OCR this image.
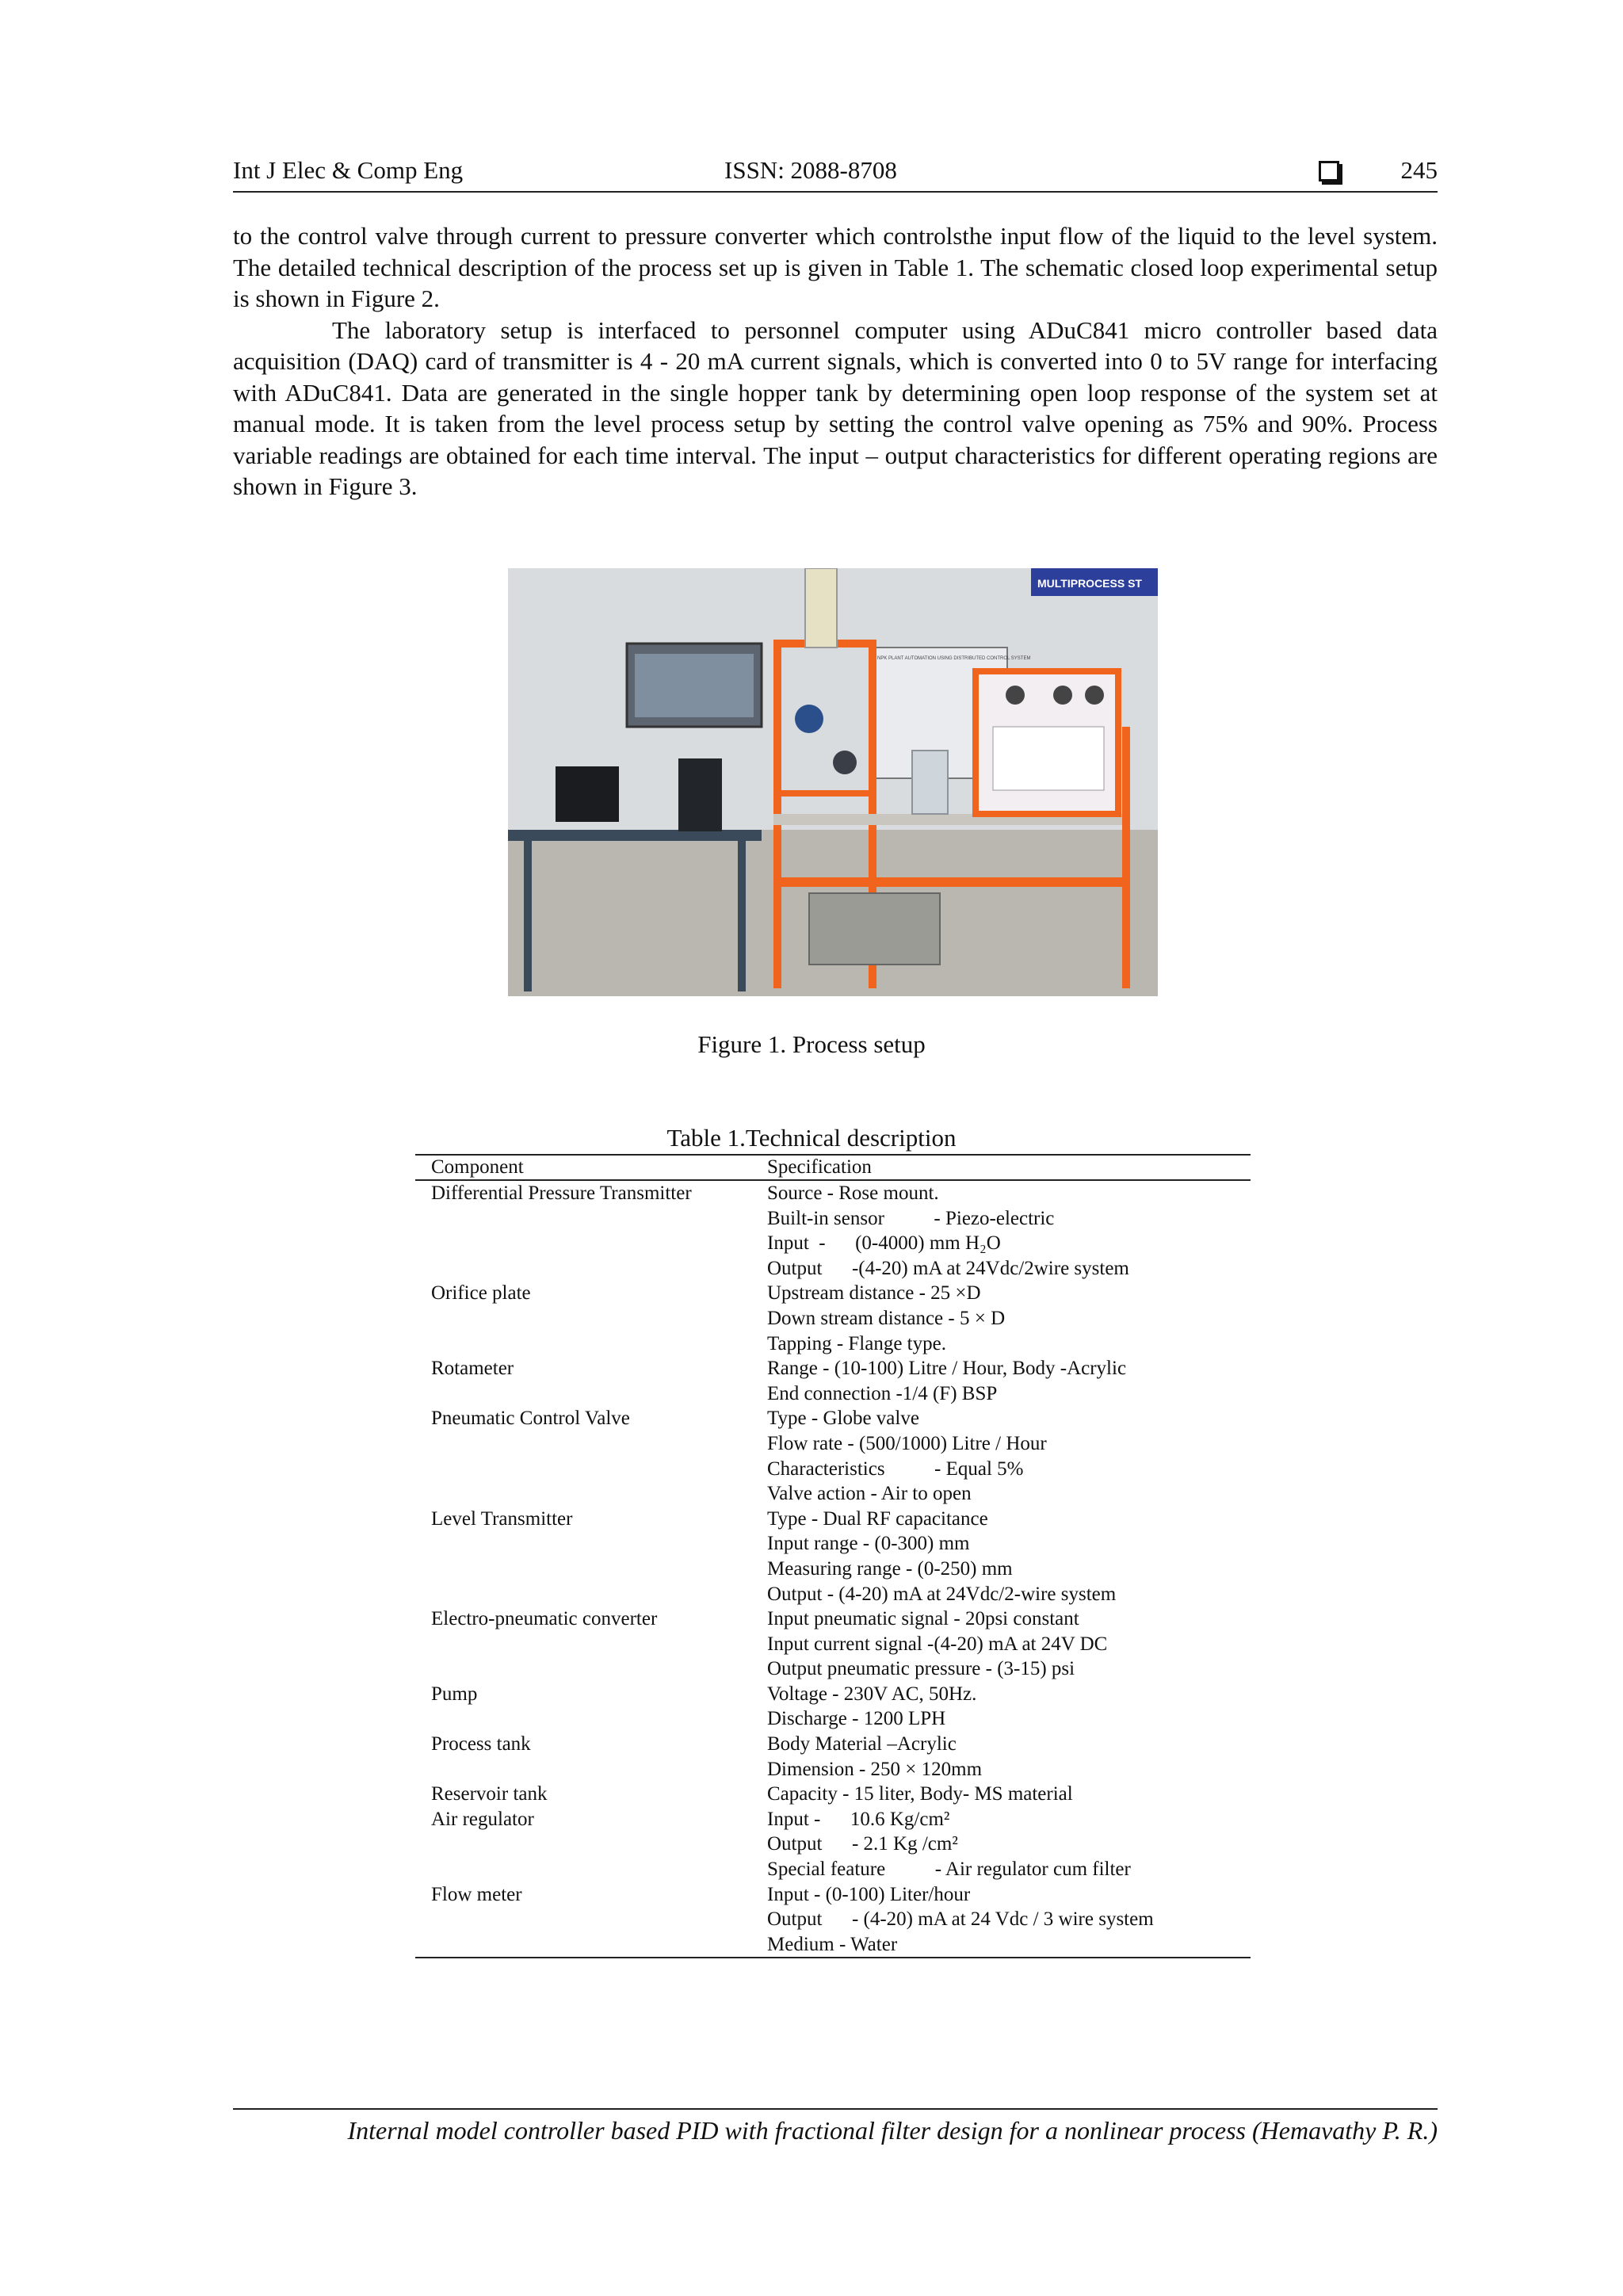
Int J Elec & Comp Eng	ISSN: 2088-8708	245

to the control valve through current to pressure converter which controlsthe input flow of the liquid to the level system. The detailed technical description of the process set up is given in Table 1. The schematic closed loop experimental setup is shown in Figure 2.

The laboratory setup is interfaced to personnel computer using ADuC841 micro controller based data acquisition (DAQ) card of transmitter is 4 - 20 mA current signals, which is converted into 0 to 5V range for interfacing with ADuC841. Data are generated in the single hopper tank by determining open loop response of the system set at manual mode. It is taken from the level process setup by setting the control valve opening as 75% and 90%. Process variable readings are obtained for each time interval. The input – output characteristics for different operating regions are shown in Figure 3.

MULTIPROCESS ST
NPK PLANT AUTOMATION USING DISTRIBUTED CONTROL SYSTEM
Figure 1. Process setup
Table 1.Technical description
Component	Specification
Differential Pressure Transmitter	Source - Rose mount.
Built-in sensor          - Piezo-electric
Input  -      (0-4000) mm H₂O
Output      -(4-20) mA at 24Vdc/2wire system
Orifice plate	Upstream distance - 25 ×D
Down stream distance - 5 × D
Tapping - Flange type.
Rotameter	Range - (10-100) Litre / Hour, Body -Acrylic
End connection -1/4 (F) BSP
Pneumatic Control Valve	Type - Globe valve
Flow rate - (500/1000) Litre / Hour
Characteristics          - Equal 5%
Valve action - Air to open
Level Transmitter	Type - Dual RF capacitance
Input range - (0-300) mm
Measuring range - (0-250) mm
Output - (4-20) mA at 24Vdc/2-wire system
Electro-pneumatic converter	Input pneumatic signal - 20psi constant
Input current signal -(4-20) mA at 24V DC
Output pneumatic pressure - (3-15) psi
Pump	Voltage - 230V AC, 50Hz.
Discharge - 1200 LPH
Process tank	Body Material –Acrylic
Dimension - 250 × 120mm
Reservoir tank	Capacity - 15 liter, Body- MS material
Air regulator	Input -      10.6 Kg/cm²
Output      - 2.1 Kg /cm²
Special feature          - Air regulator cum filter
Flow meter	Input - (0-100) Liter/hour
Output      - (4-20) mA at 24 Vdc / 3 wire system
Medium - Water
Internal model controller based PID with fractional filter design for a nonlinear process (Hemavathy P. R.)
